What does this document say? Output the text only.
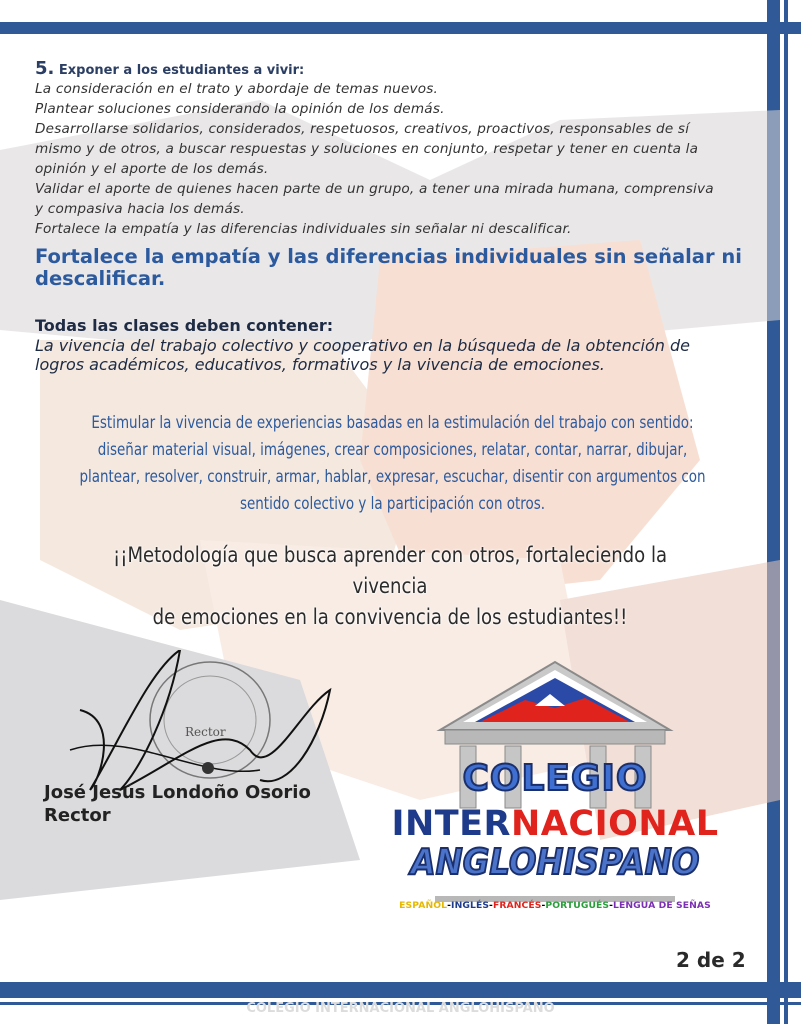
5. Exponer a los estudiantes a vivir:

La consideración en el trato y abordaje de temas nuevos.

Plantear soluciones considerando la opinión de los demás.

Desarrollarse solidarios, considerados, respetuosos, creativos, proactivos, responsables de sí

mismo y de otros, a buscar respuestas y soluciones en conjunto, respetar y tener en cuenta la

opinión y el aporte de los demás.

Validar el aporte de quienes hacen parte de un grupo, a tener una mirada humana, comprensiva

y compasiva hacia los demás.

Fortalece la empatía y las diferencias individuales sin señalar ni descalificar.

Fortalece la empatía y las diferencias individuales sin señalar ni descalificar.

Todas las clases deben contener:

La vivencia del trabajo colectivo y cooperativo en la búsqueda de la obtención de logros académicos, educativos, formativos y la vivencia de emociones.

Estimular la vivencia de experiencias basadas en la estimulación del trabajo con sentido: diseñar material visual, imágenes, crear composiciones, relatar, contar, narrar, dibujar, plantear, resolver, construir, armar, hablar, expresar, escuchar, disentir con argumentos con sentido colectivo y la participación con otros.

¡¡Metodología que busca aprender con otros, fortaleciendo la vivencia
de emociones en la convivencia de los estudiantes!!
Rector

José Jesús Londoño Osorio

Rector

COLEGIO

INTERNACIONAL

ANGLOHISPANO

ESPAÑOL-INGLÉS-FRANCÉS-PORTUGUÉS-LENGUA DE SEÑAS

2 de 2

COLEGIO INTERNACIONAL ANGLOHISPANO
